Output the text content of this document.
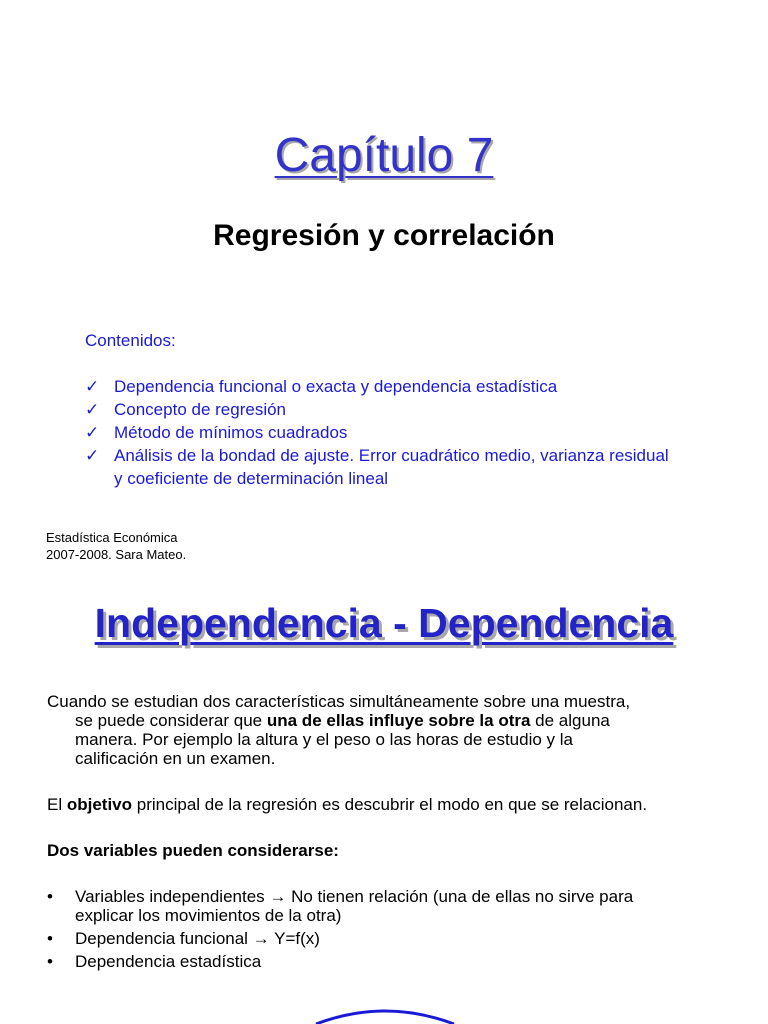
Capítulo 7
Regresión y correlación
Contenidos:
✓ Dependencia funcional o exacta y dependencia estadística
✓ Concepto de regresión
✓ Método de mínimos cuadrados
✓ Análisis de la bondad de ajuste. Error cuadrático medio, varianza residual
y coeficiente de determinación lineal
Estadística Económica
2007-2008. Sara Mateo.
Independencia - Dependencia
Cuando se estudian dos características simultáneamente sobre una muestra,
se puede considerar que una de ellas influye sobre la otra de alguna
manera. Por ejemplo la altura y el peso o las horas de estudio y la
calificación en un examen.
El objetivo principal de la regresión es descubrir el modo en que se relacionan.
Dos variables pueden considerarse:
• Variables independientes → No tienen relación (una de ellas no sirve para
explicar los movimientos de la otra)
• Dependencia funcional → Y=f(x)
• Dependencia estadística
